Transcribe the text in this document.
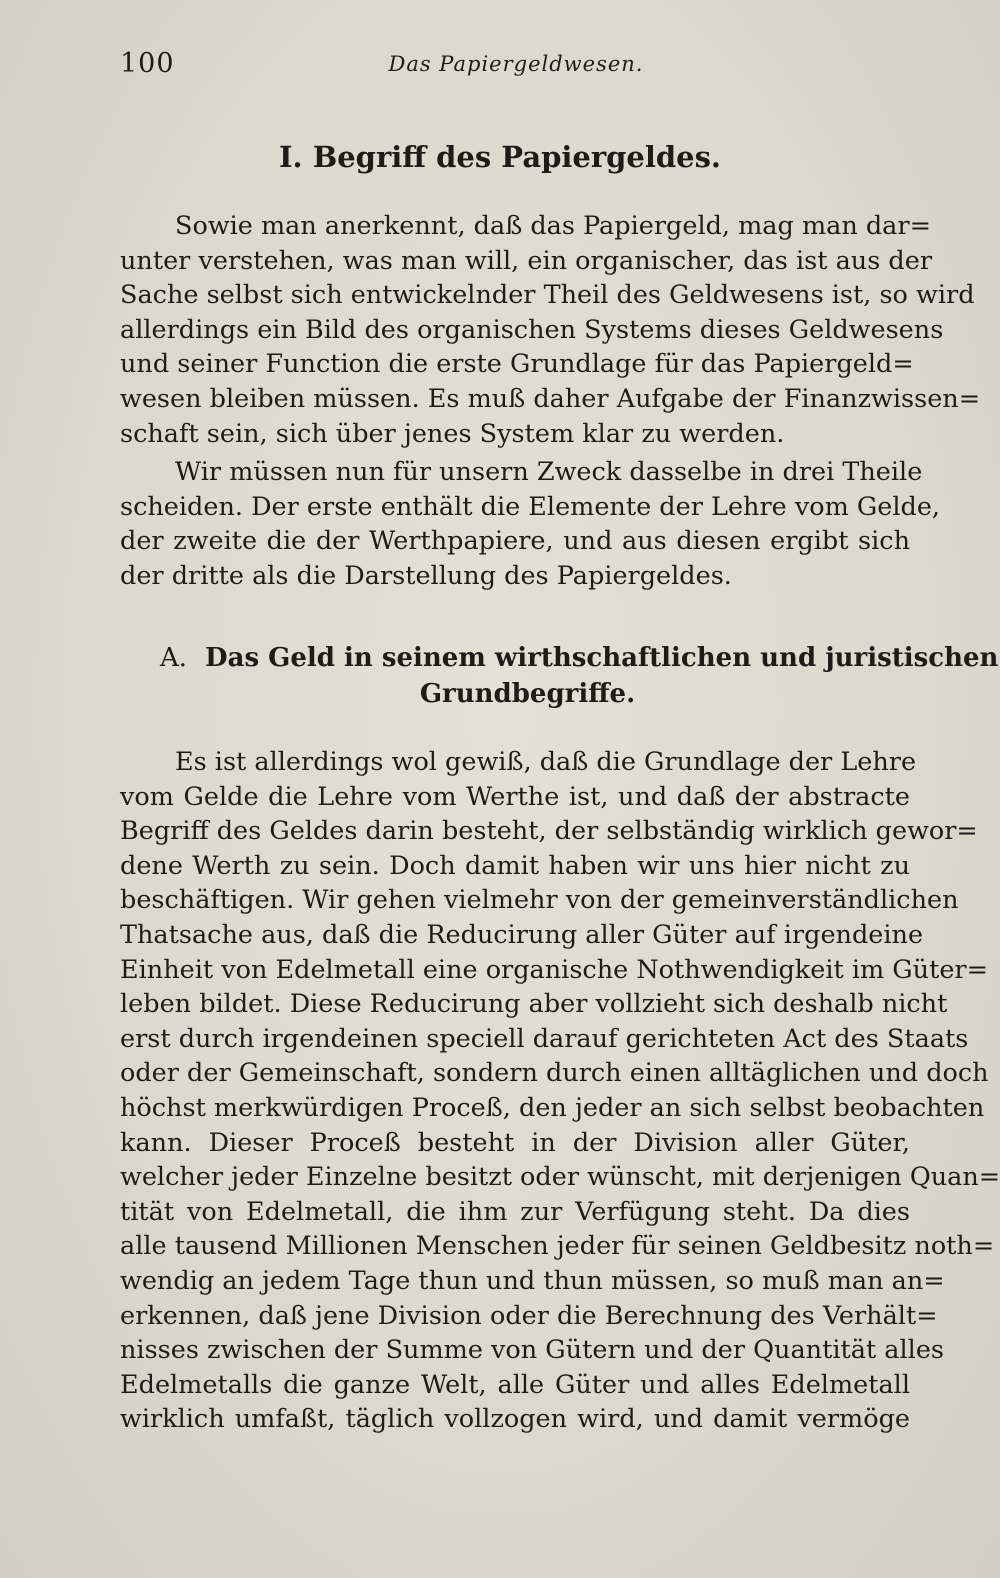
100	Das Papiergeldwesen.
I. Begriff des Papiergeldes.
Sowie man anerkennt, daß das Papiergeld, mag man dar=
unter verstehen, was man will, ein organischer, das ist aus der
Sache selbst sich entwickelnder Theil des Geldwesens ist, so wird
allerdings ein Bild des organischen Systems dieses Geldwesens
und seiner Function die erste Grundlage für das Papiergeld=
wesen bleiben müssen. Es muß daher Aufgabe der Finanzwissen=
schaft sein, sich über jenes System klar zu werden.
Wir müssen nun für unsern Zweck dasselbe in drei Theile
scheiden. Der erste enthält die Elemente der Lehre vom Gelde,
der zweite die der Werthpapiere, und aus diesen ergibt sich
der dritte als die Darstellung des Papiergeldes.
A. Das Geld in seinem wirthschaftlichen und juristischen
Grundbegriffe.
Es ist allerdings wol gewiß, daß die Grundlage der Lehre
vom Gelde die Lehre vom Werthe ist, und daß der abstracte
Begriff des Geldes darin besteht, der selbständig wirklich gewor=
dene Werth zu sein. Doch damit haben wir uns hier nicht zu
beschäftigen. Wir gehen vielmehr von der gemeinverständlichen
Thatsache aus, daß die Reducirung aller Güter auf irgendeine
Einheit von Edelmetall eine organische Nothwendigkeit im Güter=
leben bildet. Diese Reducirung aber vollzieht sich deshalb nicht
erst durch irgendeinen speciell darauf gerichteten Act des Staats
oder der Gemeinschaft, sondern durch einen alltäglichen und doch
höchst merkwürdigen Proceß, den jeder an sich selbst beobachten
kann. Dieser Proceß besteht in der Division aller Güter,
welcher jeder Einzelne besitzt oder wünscht, mit derjenigen Quan=
tität von Edelmetall, die ihm zur Verfügung steht. Da dies
alle tausend Millionen Menschen jeder für seinen Geldbesitz noth=
wendig an jedem Tage thun und thun müssen, so muß man an=
erkennen, daß jene Division oder die Berechnung des Verhält=
nisses zwischen der Summe von Gütern und der Quantität alles
Edelmetalls die ganze Welt, alle Güter und alles Edelmetall
wirklich umfaßt, täglich vollzogen wird, und damit vermöge
